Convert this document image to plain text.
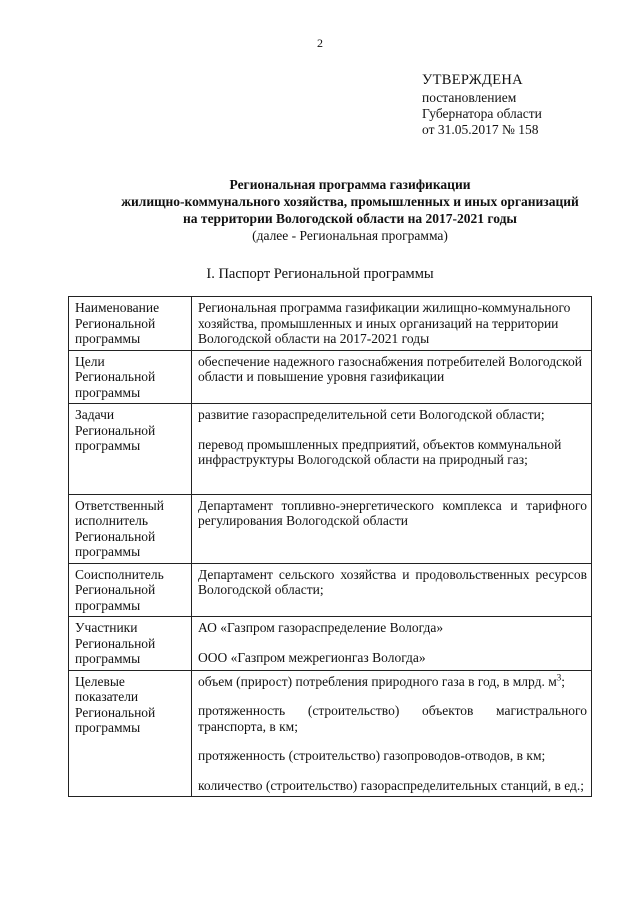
2
УТВЕРЖДЕНА
постановлением
Губернатора области
от 31.05.2017 № 158
Региональная программа газификации
жилищно-коммунального хозяйства, промышленных и иных организаций
на территории Вологодской области на 2017-2021 годы
(далее - Региональная программа)
I. Паспорт Региональной программы
Наименование Региональной программы	Региональная программа газификации жилищно-коммунального хозяйства, промышленных и иных организаций на территории Вологодской области на 2017-2021 годы

Цели Региональной программы	обеспечение надежного газоснабжения потребителей Вологодской области и повышение уровня газификации

Задачи Региональной программы	развитие газораспределительной сети Вологодской области;

перевод промышленных предприятий, объектов коммунальной инфраструктуры Вологодской области на природный газ;

Ответственный исполнитель Региональной программы	Департамент топливно-энергетического комплекса и тарифного регулирования Вологодской области

Соисполнитель Региональной программы	Департамент сельского хозяйства и продовольственных ресурсов Вологодской области;

Участники Региональной программы	АО «Газпром газораспределение Вологда»

ООО «Газпром межрегионгаз Вологда»

Целевые показатели Региональной программы	объем (прирост) потребления природного газа в год, в млрд. $м^3$;

протяженность (строительство) объектов магистрального транспорта, в км;

протяженность (строительство) газопроводов-отводов, в км;

количество (строительство) газораспределительных станций, в ед.;
